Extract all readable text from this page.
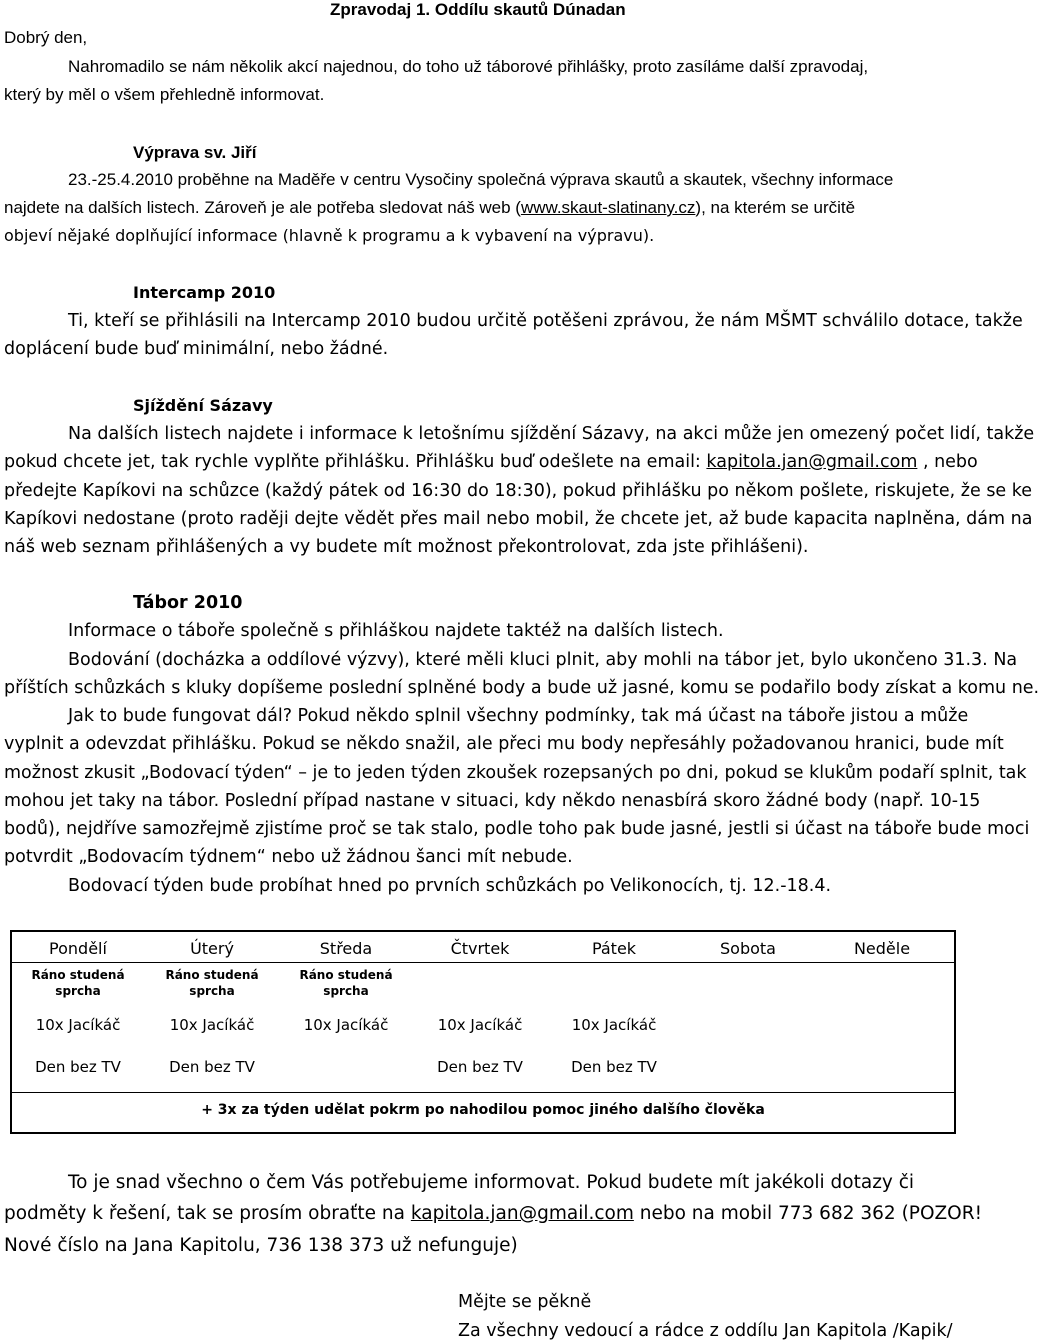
Zpravodaj 1. Oddílu skautů Dúnadan
Dobrý den,
Nahromadilo se nám několik akcí najednou, do toho už táborové přihlášky, proto zasíláme další zpravodaj,
který by měl o všem přehledně informovat.
Výprava sv. Jiří
23.-25.4.2010 proběhne na Maděře v centru Vysočiny společná výprava skautů a skautek, všechny informace
najdete na dalších listech. Zároveň je ale potřeba sledovat náš web (www.skaut-slatinany.cz), na kterém se určitě
objeví nějaké doplňující informace (hlavně k programu a k vybavení na výpravu).
Intercamp 2010
Ti, kteří se přihlásili na Intercamp 2010 budou určitě potěšeni zprávou, že nám MŠMT schválilo dotace, takže
doplácení bude buď minimální, nebo žádné.
Sjíždění Sázavy
Na dalších listech najdete i informace k letošnímu sjíždění Sázavy, na akci může jen omezený počet lidí, takže
pokud chcete jet, tak rychle vyplňte přihlášku. Přihlášku buď odešlete na email: kapitola.jan@gmail.com , nebo
předejte Kapíkovi na schůzce (každý pátek od 16:30 do 18:30), pokud přihlášku po někom pošlete, riskujete, že se ke
Kapíkovi nedostane (proto raději dejte vědět přes mail nebo mobil, že chcete jet, až bude kapacita naplněna, dám na
náš web seznam přihlášených a vy budete mít možnost překontrolovat, zda jste přihlášeni).
Tábor 2010
Informace o táboře společně s přihláškou najdete taktéž na dalších listech.
Bodování (docházka a oddílové výzvy), které měli kluci plnit, aby mohli na tábor jet, bylo ukončeno 31.3. Na
příštích schůzkách s kluky dopíšeme poslední splněné body a bude už jasné, komu se podařilo body získat a komu ne.
Jak to bude fungovat dál? Pokud někdo splnil všechny podmínky, tak má účast na táboře jistou a může
vyplnit a odevzdat přihlášku. Pokud se někdo snažil, ale přeci mu body nepřesáhly požadovanou hranici, bude mít
možnost zkusit „Bodovací týden“ – je to jeden týden zkoušek rozepsaných po dni, pokud se klukům podaří splnit, tak
mohou jet taky na tábor. Poslední případ nastane v situaci, kdy někdo nenasbírá skoro žádné body (např. 10-15
bodů), nejdříve samozřejmě zjistíme proč se tak stalo, podle toho pak bude jasné, jestli si účast na táboře bude moci
potvrdit „Bodovacím týdnem“ nebo už žádnou šanci mít nebude.
Bodovací týden bude probíhat hned po prvních schůzkách po Velikonocích, tj. 12.-18.4.
Pondělí
Ráno studená
sprcha
10x Jacíkáč
Den bez TV
Úterý
Ráno studená
sprcha
10x Jacíkáč
Den bez TV
Středa
Ráno studená
sprcha
10x Jacíkáč
Čtvrtek
10x Jacíkáč
Den bez TV
Pátek
10x Jacíkáč
Den bez TV
Sobota	Neděle
+ 3x za týden udělat pokrm po nahodilou pomoc jiného dalšího člověka
To je snad všechno o čem Vás potřebujeme informovat. Pokud budete mít jakékoli dotazy či
podměty k řešení, tak se prosím obraťte na kapitola.jan@gmail.com nebo na mobil 773 682 362 (POZOR!
Nové číslo na Jana Kapitolu, 736 138 373 už nefunguje)
Mějte se pěkně
Za všechny vedoucí a rádce z oddílu Jan Kapitola /Kapik/
